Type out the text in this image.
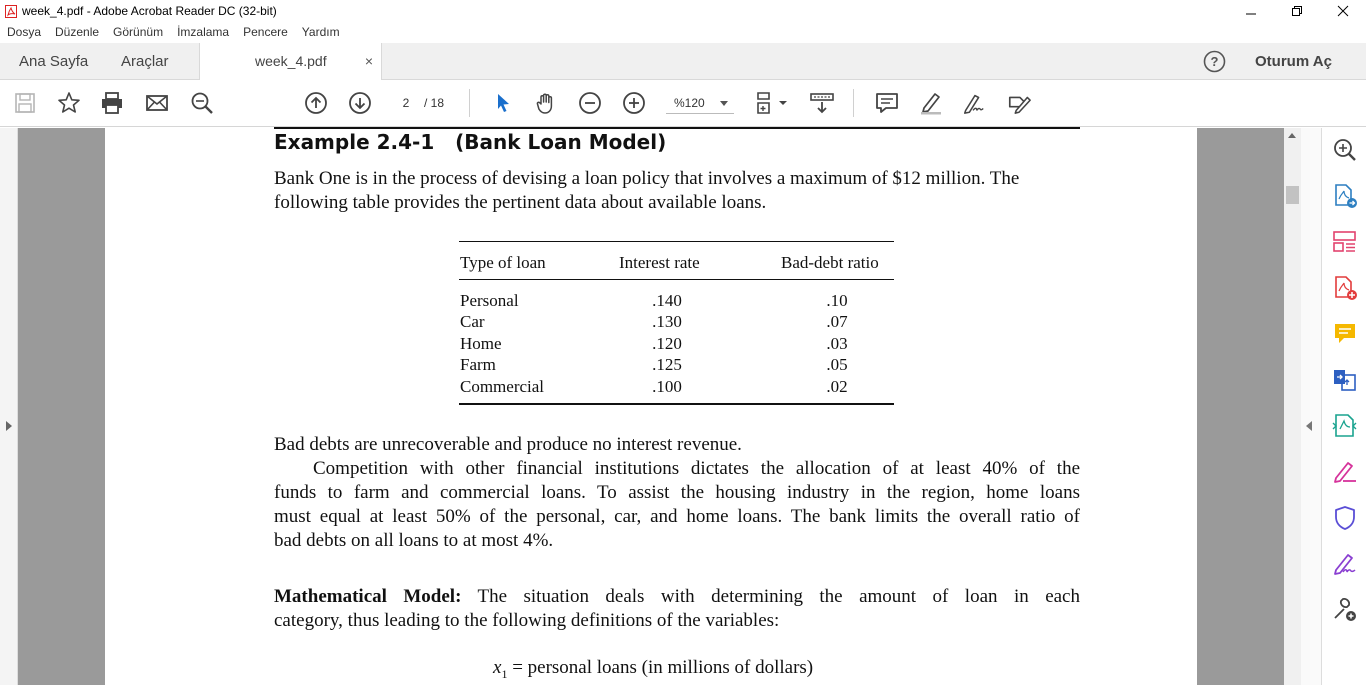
week_4.pdf - Adobe Acrobat Reader DC (32-bit)
Dosya	Düzenle	Görünüm	İmzalama	Pencere	Yardım
Ana Sayfa Araçlar	week_4.pdf	×	? Oturum Aç
2	/ 18	%120
Example 2.4-1   (Bank Loan Model)
Bank One is in the process of devising a loan policy that involves a maximum of $12 million. The
following table provides the pertinent data about available loans.
Type of loan	Interest rate	Bad-debt ratio
Personal	.140	.10
Car	.130	.07
Home	.120	.03
Farm	.125	.05
Commercial	.100	.02
Bad debts are unrecoverable and produce no interest revenue.
Competition with other financial institutions dictates the allocation of at least 40% of the
funds to farm and commercial loans. To assist the housing industry in the region, home loans
must equal at least 50% of the personal, car, and home loans. The bank limits the overall ratio of
bad debts on all loans to at most 4%.
Mathematical Model: The situation deals with determining the amount of loan in each
category, thus leading to the following definitions of the variables:
$x_1$ = personal loans (in millions of dollars)
